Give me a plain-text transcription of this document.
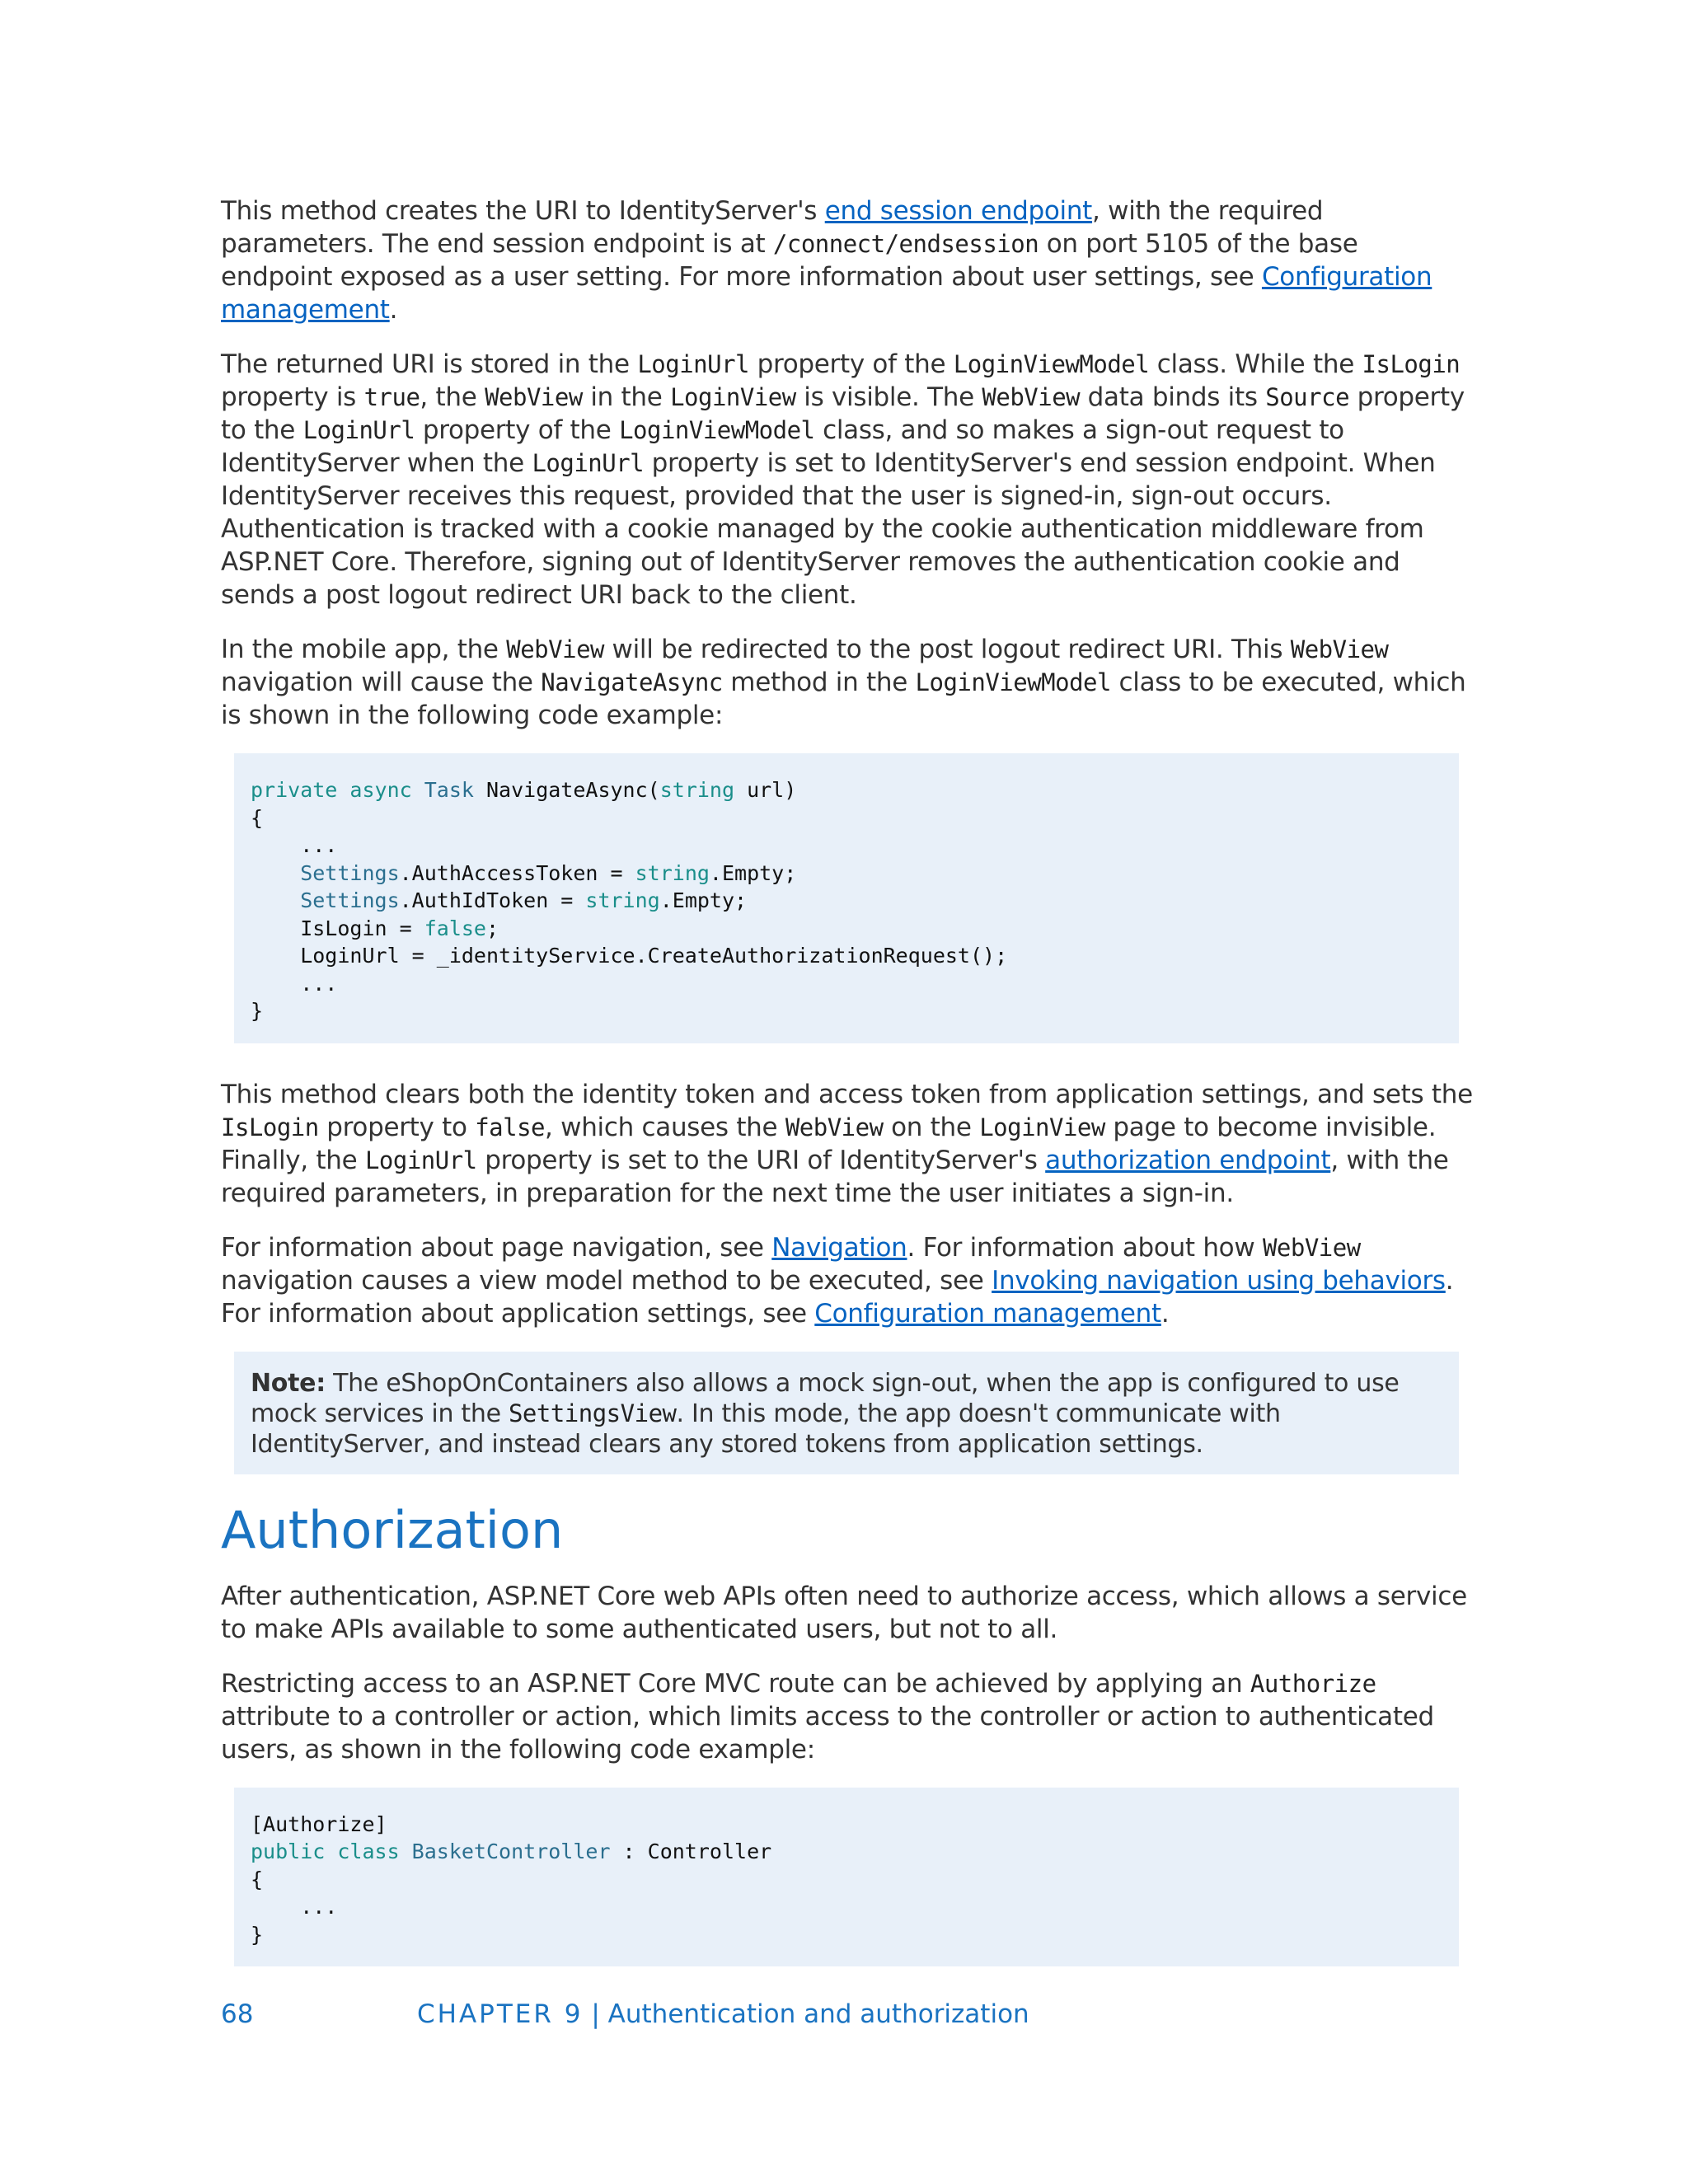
This method creates the URI to IdentityServer's end session endpoint, with the required parameters. The end session endpoint is at /connect/endsession on port 5105 of the base endpoint exposed as a user setting. For more information about user settings, see Configuration management.

The returned URI is stored in the LoginUrl property of the LoginViewModel class. While the IsLogin property is true, the WebView in the LoginView is visible. The WebView data binds its Source property to the LoginUrl property of the LoginViewModel class, and so makes a sign-out request to IdentityServer when the LoginUrl property is set to IdentityServer's end session endpoint. When IdentityServer receives this request, provided that the user is signed-in, sign-out occurs. Authentication is tracked with a cookie managed by the cookie authentication middleware from ASP.NET Core. Therefore, signing out of IdentityServer removes the authentication cookie and sends a post logout redirect URI back to the client.

In the mobile app, the WebView will be redirected to the post logout redirect URI. This WebView navigation will cause the NavigateAsync method in the LoginViewModel class to be executed, which is shown in the following code example:

private async Task NavigateAsync(string url)
{
...
Settings.AuthAccessToken = string.Empty;
Settings.AuthIdToken = string.Empty;
IsLogin = false;
LoginUrl = _identityService.CreateAuthorizationRequest();
...
}

This method clears both the identity token and access token from application settings, and sets the IsLogin property to false, which causes the WebView on the LoginView page to become invisible. Finally, the LoginUrl property is set to the URI of IdentityServer's authorization endpoint, with the required parameters, in preparation for the next time the user initiates a sign-in.

For information about page navigation, see Navigation. For information about how WebView navigation causes a view model method to be executed, see Invoking navigation using behaviors. For information about application settings, see Configuration management.

Note: The eShopOnContainers also allows a mock sign-out, when the app is configured to use mock services in the SettingsView. In this mode, the app doesn't communicate with IdentityServer, and instead clears any stored tokens from application settings.
Authorization

After authentication, ASP.NET Core web APIs often need to authorize access, which allows a service to make APIs available to some authenticated users, but not to all.

Restricting access to an ASP.NET Core MVC route can be achieved by applying an Authorize attribute to a controller or action, which limits access to the controller or action to authenticated users, as shown in the following code example:

[Authorize]
public class BasketController : Controller
{
...
}
68	CHAPTER 9 | Authentication and authorization
